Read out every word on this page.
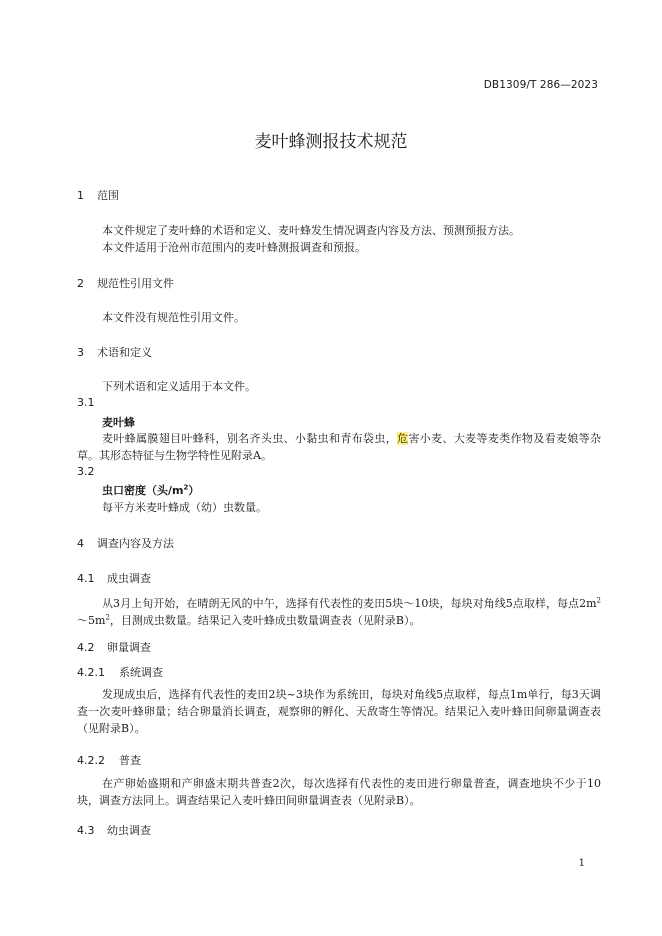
DB1309/T 286—2023
麦叶蜂测报技术规范
1 范围
本文件规定了麦叶蜂的术语和定义、麦叶蜂发生情况调查内容及方法、预测预报方法。
本文件适用于沧州市范围内的麦叶蜂测报调查和预报。
2 规范性引用文件
本文件没有规范性引用文件。
3 术语和定义
下列术语和定义适用于本文件。
3.1
麦叶蜂
麦叶蜂属膜翅目叶蜂科，别名齐头虫、小黏虫和青布袋虫，危害小麦、大麦等麦类作物及看麦娘等杂草。其形态特征与生物学特性见附录A。
3.2
虫口密度（头$/m^2$）
每平方米麦叶蜂成（幼）虫数量。
4 调查内容及方法
4.1 成虫调查
从3月上旬开始，在晴朗无风的中午，选择有代表性的麦田5块～10块，每块对角线5点取样，每点$2m^2\sim 5m^2$，目测成虫数量。结果记入麦叶蜂成虫数量调查表（见附录B）。
4.2 卵量调查
4.2.1 系统调查
发现成虫后，选择有代表性的麦田2块~3块作为系统田，每块对角线5点取样，每点1m单行，每3天调查一次麦叶蜂卵量；结合卵量消长调查，观察卵的孵化、天敌寄生等情况。结果记入麦叶蜂田间卵量调查表（见附录B）。
4.2.2 普查
在产卵始盛期和产卵盛末期共普查2次，每次选择有代表性的麦田进行卵量普查，调查地块不少于10块，调查方法同上。调查结果记入麦叶蜂田间卵量调查表（见附录B）。
4.3 幼虫调查
1
